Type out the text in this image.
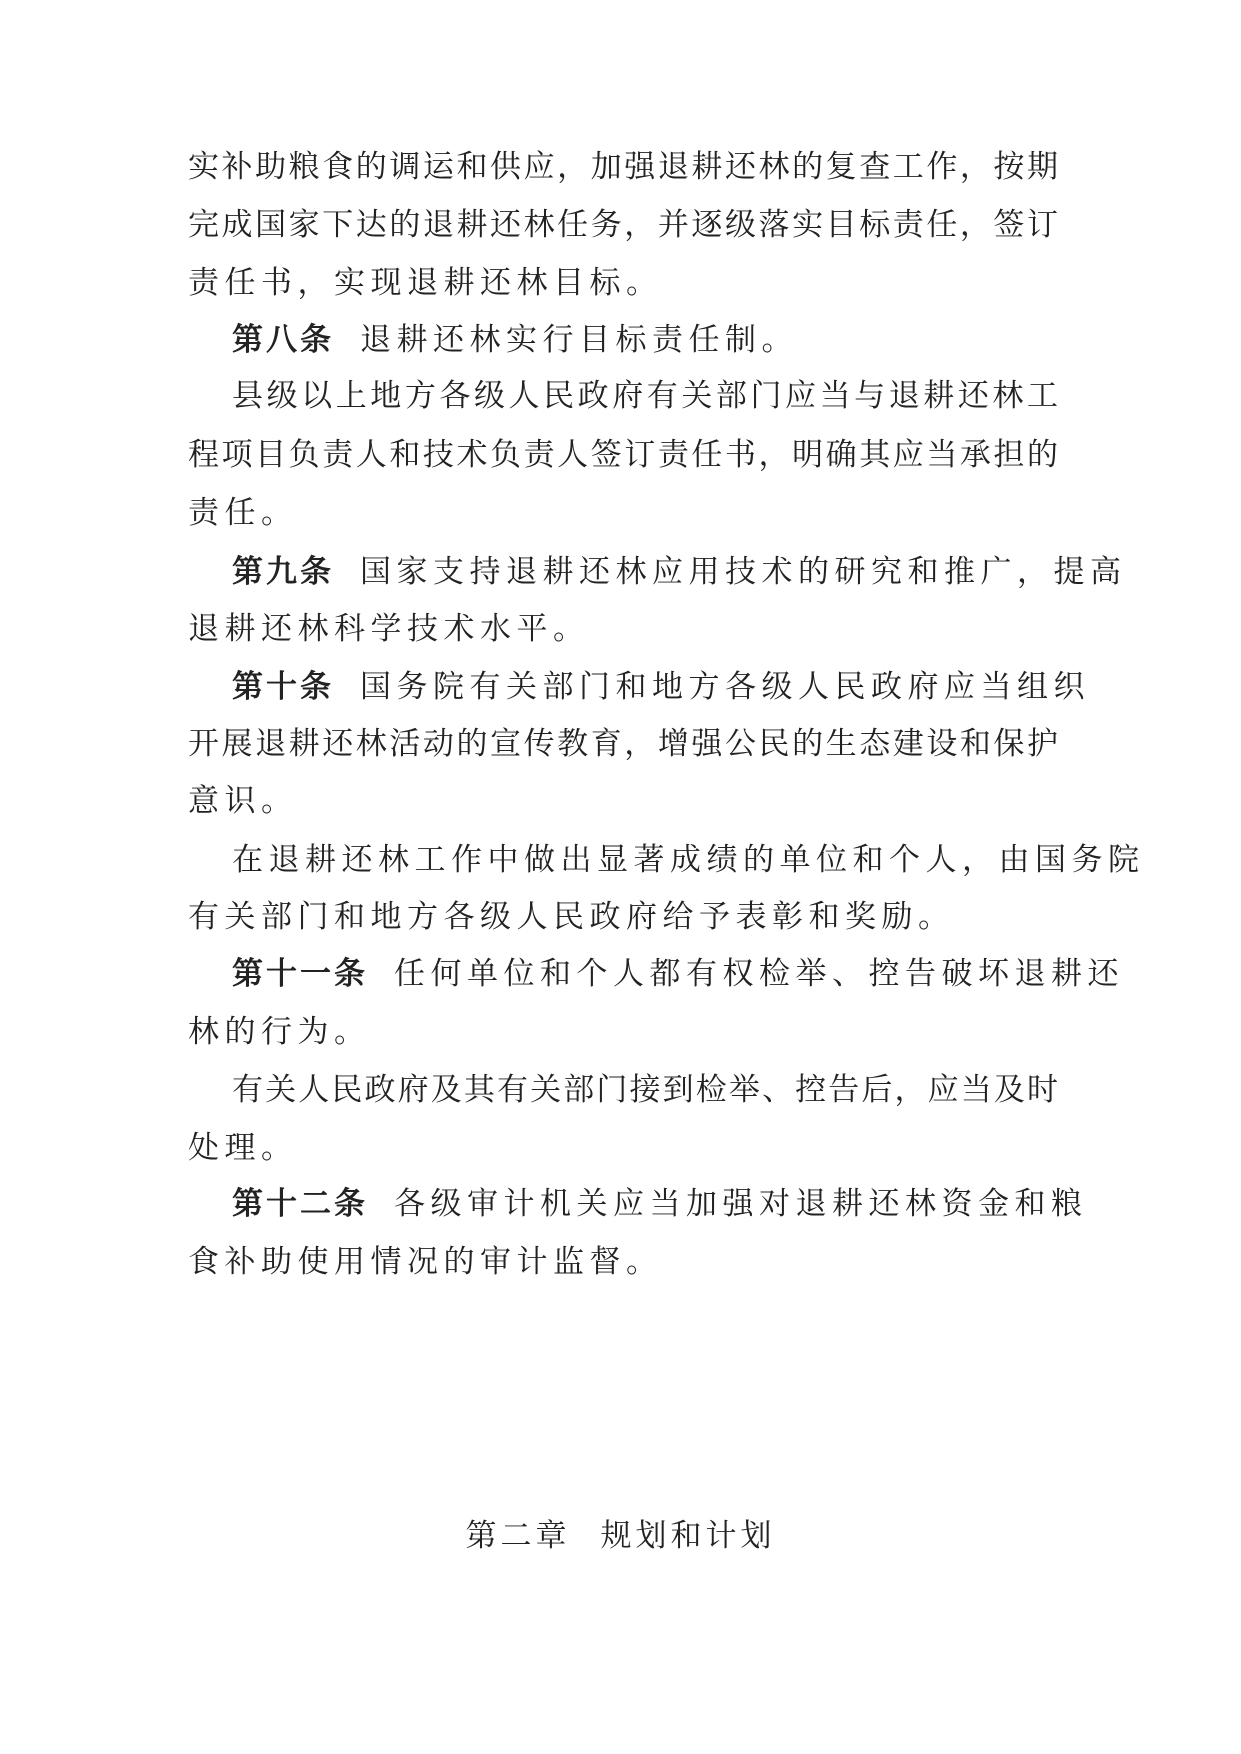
实补助粮食的调运和供应，加强退耕还林的复查工作，按期
完成国家下达的退耕还林任务，并逐级落实目标责任，签订
责任书，实现退耕还林目标。
第八条 退耕还林实行目标责任制。
县级以上地方各级人民政府有关部门应当与退耕还林工
程项目负责人和技术负责人签订责任书，明确其应当承担的
责任。
第九条 国家支持退耕还林应用技术的研究和推广，提高
退耕还林科学技术水平。
第十条 国务院有关部门和地方各级人民政府应当组织
开展退耕还林活动的宣传教育，增强公民的生态建设和保护
意识。
在退耕还林工作中做出显著成绩的单位和个人，由国务院
有关部门和地方各级人民政府给予表彰和奖励。
第十一条 任何单位和个人都有权检举、控告破坏退耕还
林的行为。
有关人民政府及其有关部门接到检举、控告后，应当及时
处理。
第十二条 各级审计机关应当加强对退耕还林资金和粮
食补助使用情况的审计监督。
第二章 规划和计划
